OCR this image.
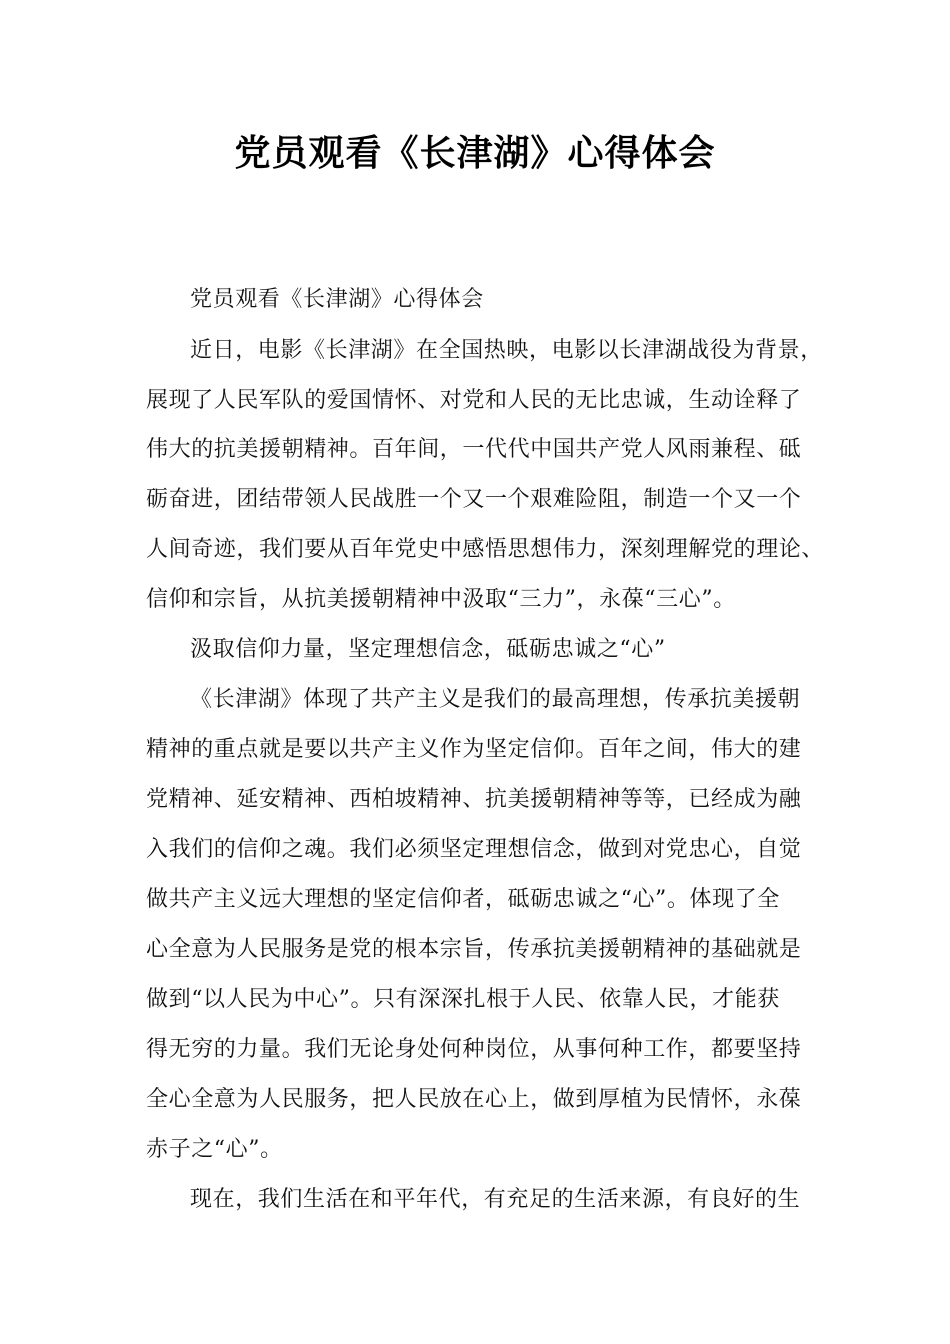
党员观看《长津湖》心得体会
党员观看《长津湖》心得体会
近日，电影《长津湖》在全国热映，电影以长津湖战役为背景，
展现了人民军队的爱国情怀、对党和人民的无比忠诚，生动诠释了
伟大的抗美援朝精神。百年间，一代代中国共产党人风雨兼程、砥
砺奋进，团结带领人民战胜一个又一个艰难险阻，制造一个又一个
人间奇迹，我们要从百年党史中感悟思想伟力，深刻理解党的理论、
信仰和宗旨，从抗美援朝精神中汲取“三力”，永葆“三心”。
汲取信仰力量，坚定理想信念，砥砺忠诚之“心”
《长津湖》体现了共产主义是我们的最高理想，传承抗美援朝
精神的重点就是要以共产主义作为坚定信仰。百年之间，伟大的建
党精神、延安精神、西柏坡精神、抗美援朝精神等等，已经成为融
入我们的信仰之魂。我们必须坚定理想信念，做到对党忠心，自觉
做共产主义远大理想的坚定信仰者，砥砺忠诚之“心”。体现了全
心全意为人民服务是党的根本宗旨，传承抗美援朝精神的基础就是
做到“以人民为中心”。只有深深扎根于人民、依靠人民，才能获
得无穷的力量。我们无论身处何种岗位，从事何种工作，都要坚持
全心全意为人民服务，把人民放在心上，做到厚植为民情怀，永葆
赤子之“心”。
现在，我们生活在和平年代，有充足的生活来源，有良好的生
